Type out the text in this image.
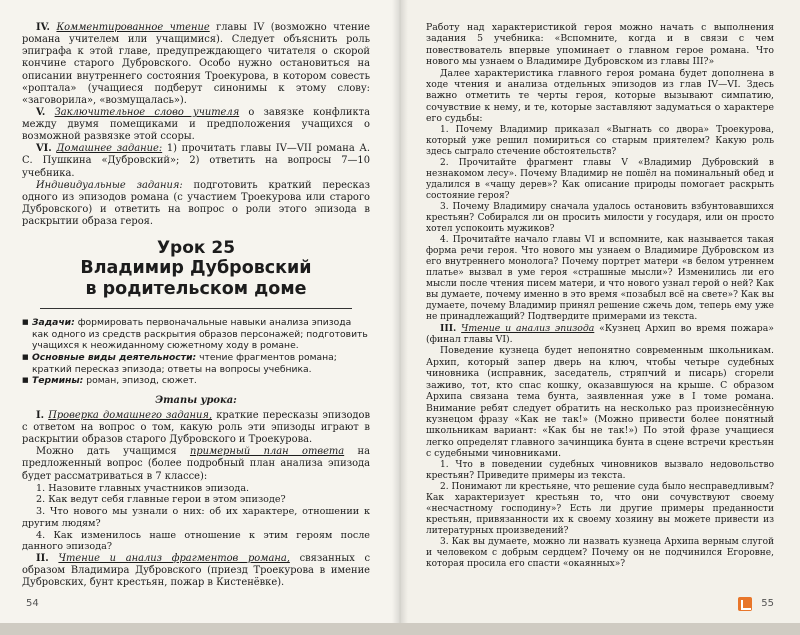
IV. Комментированное чтение главы IV (возможно чтение романа учителем или учащимися). Следует объяснить роль эпиграфа к этой главе, предупреждающего читателя о скорой кончине старого Дубровского. Особо нужно остановиться на описании внутреннего состояния Троекурова, в котором совесть «роптала» (учащиеся подберут синонимы к этому слову: «заговорила», «возмущалась»).

V. Заключительное слово учителя о завязке конфликта между двумя помещиками и предположения учащихся о возможной развязке этой ссоры.

VI. Домашнее задание: 1) прочитать главы IV—VII романа А. С. Пушкина «Дубровский»; 2) ответить на вопросы 7—10 учебника.

Индивидуальные задания: подготовить краткий пересказ одного из эпизодов романа (с участием Троекурова или старого Дубровского) и ответить на вопрос о роли этого эпизода в раскрытии образа героя.

Урок 25
Владимир Дубровский
в родительском доме
■ Задачи: формировать первоначальные навыки анализа эпизода как одного из средств раскрытия образов персонажей; подготовить учащихся к неожиданному сюжетному ходу в романе.
■ Основные виды деятельности: чтение фрагментов романа; краткий пересказ эпизода; ответы на вопросы учебника.
■ Термины: роман, эпизод, сюжет.
Этапы урока:

I. Проверка домашнего задания, краткие пересказы эпизодов с ответом на вопрос о том, какую роль эти эпизоды играют в раскрытии образов старого Дубровского и Троекурова.

Можно дать учащимся примерный план ответа на предложенный вопрос (более подробный план анализа эпизода будет рассматриваться в 7 классе):

1. Назовите главных участников эпизода.

2. Как ведут себя главные герои в этом эпизоде?

3. Что нового мы узнали о них: об их характере, отношении к другим людям?

4. Как изменилось наше отношение к этим героям после данного эпизода?

II. Чтение и анализ фрагментов романа, связанных с образом Владимира Дубровского (приезд Троекурова в имение Дубровских, бунт крестьян, пожар в Кистенёвке).

54

Работу над характеристикой героя можно начать с выполнения задания 5 учебника: «Вспомните, когда и в связи с чем повествователь впервые упоминает о главном герое романа. Что нового мы узнаем о Владимире Дубровском из главы III?»

Далее характеристика главного героя романа будет дополнена в ходе чтения и анализа отдельных эпизодов из глав IV—VI. Здесь важно отметить те черты героя, которые вызывают симпатию, сочувствие к нему, и те, которые заставляют задуматься о характере его судьбы:

1. Почему Владимир приказал «Выгнать со двора» Троекурова, который уже решил помириться со старым приятелем? Какую роль здесь сыграло стечение обстоятельств?

2. Прочитайте фрагмент главы V «Владимир Дубровский в незнакомом лесу». Почему Владимир не пошёл на поминальный обед и удалился в «чащу дерев»? Как описание природы помогает раскрыть состояние героя?

3. Почему Владимиру сначала удалось остановить взбунтовавшихся крестьян? Собирался ли он просить милости у государя, или он просто хотел успокоить мужиков?

4. Прочитайте начало главы VI и вспомните, как называется такая форма речи героя. Что нового мы узнаем о Владимире Дубровском из его внутреннего монолога? Почему портрет матери «в белом утреннем платье» вызвал в уме героя «страшные мысли»? Изменились ли его мысли после чтения писем матери, и что нового узнал герой о ней? Как вы думаете, почему именно в это время «позабыл всё на свете»? Как вы думаете, почему Владимир принял решение сжечь дом, теперь ему уже не принадлежащий? Подтвердите примерами из текста.

III. Чтение и анализ эпизода «Кузнец Архип во время пожара» (финал главы VI).

Поведение кузнеца будет непонятно современным школьникам. Архип, который запер дверь на ключ, чтобы четыре судебных чиновника (исправник, заседатель, стряпчий и писарь) сгорели заживо, тот, кто спас кошку, оказавшуюся на крыше. С образом Архипа связана тема бунта, заявленная уже в I томе романа. Внимание ребят следует обратить на несколько раз произнесённую кузнецом фразу «Как не так!» (Можно привести более понятный школьникам вариант: «Как бы не так!») По этой фразе учащиеся легко определят главного зачинщика бунта в сцене встречи крестьян с судебными чиновниками.

1. Что в поведении судебных чиновников вызвало недовольство крестьян? Приведите примеры из текста.

2. Понимают ли крестьяне, что решение суда было несправедливым? Как характеризует крестьян то, что они сочувствуют своему «несчастному господину»? Есть ли другие примеры преданности крестьян, привязанности их к своему хозяину вы можете привести из литературных произведений?

3. Как вы думаете, можно ли назвать кузнеца Архипа верным слугой и человеком с добрым сердцем? Почему он не подчинился Егоровне, которая просила его спасти «окаянных»?

55
